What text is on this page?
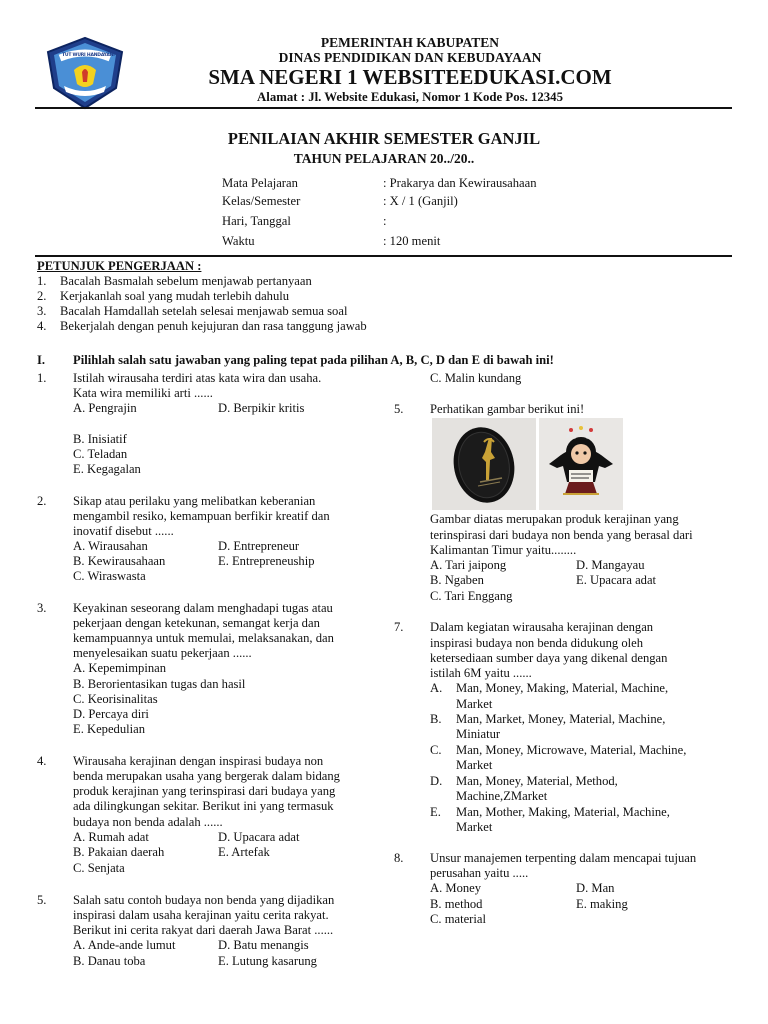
TUT WURI HANDAYANI
PEMERINTAH KABUPATEN
DINAS PENDIDIKAN DAN KEBUDAYAAN
SMA NEGERI 1 WEBSITEEDUKASI.COM
Alamat : Jl. Website Edukasi, Nomor 1 Kode Pos. 12345
PENILAIAN AKHIR SEMESTER GANJIL
TAHUN PELAJARAN 20../20..
Mata Pelajaran	: Prakarya dan Kewirausahaan
Kelas/Semester	: X / 1 (Ganjil)
Hari, Tanggal	:
Waktu	: 120 menit
PETUNJUK PENGERJAAN :
1. Bacalah Basmalah sebelum menjawab pertanyaan
2. Kerjakanlah soal yang mudah terlebih dahulu
3. Bacalah Hamdallah setelah selesai menjawab semua soal
4. Bekerjalah dengan penuh kejujuran dan rasa tanggung jawab
I. Pilihlah salah satu jawaban yang paling tepat pada pilihan A, B, C, D dan E di bawah ini!
1. Istilah wirausaha terdiri atas kata wira dan usaha.
Kata wira memiliki arti ......
A. Pengrajin	D. Berpikir kritis
B. Inisiatif
C. Teladan
E. Kegagalan
2. Sikap atau perilaku yang melibatkan keberanian
mengambil resiko, kemampuan berfikir kreatif dan
inovatif disebut ......
A. Wirausahan	D. Entrepreneur
B. Kewirausahaan	E. Entrepreneuship
C. Wiraswasta
3. Keyakinan seseorang dalam menghadapi tugas atau
pekerjaan dengan ketekunan, semangat kerja dan
kemampuannya untuk memulai, melaksanakan, dan
menyelesaikan suatu pekerjaan ......
A. Kepemimpinan
B. Berorientasikan tugas dan hasil
C. Keorisinalitas
D. Percaya diri
E. Kepedulian
4. Wirausaha kerajinan dengan inspirasi budaya non
benda merupakan usaha yang bergerak dalam bidang
produk kerajinan yang terinspirasi dari budaya yang
ada dilingkungan sekitar. Berikut ini yang termasuk
budaya non benda adalah ......
A. Rumah adat	D. Upacara adat
B. Pakaian daerah	E. Artefak
C. Senjata
5. Salah satu contoh budaya non benda yang dijadikan
inspirasi dalam usaha kerajinan yaitu cerita rakyat.
Berikut ini cerita rakyat dari daerah Jawa Barat ......
A. Ande-ande lumut	D. Batu menangis
B. Danau toba	E. Lutung kasarung
C. Malin kundang
5. Perhatikan gambar berikut ini!
Gambar diatas merupakan produk kerajinan yang
terinspirasi dari budaya non benda yang berasal dari
Kalimantan Timur yaitu........
A. Tari jaipong	D. Mangayau
B. Ngaben	E. Upacara adat
C. Tari Enggang
7. Dalam kegiatan wirausaha kerajinan dengan
inspirasi budaya non benda didukung oleh
ketersediaan sumber daya yang dikenal dengan
istilah 6M yaitu ......
A. Man, Money, Making, Material, Machine,
Market
B. Man, Market, Money, Material, Machine,
Miniatur
C. Man, Money, Microwave, Material, Machine,
Market
D. Man, Money, Material, Method,
Machine,ZMarket
E. Man, Mother, Making, Material, Machine,
Market
8. Unsur manajemen terpenting dalam mencapai tujuan
perusahan yaitu .....
A. Money	D. Man
B. method	E. making
C. material
